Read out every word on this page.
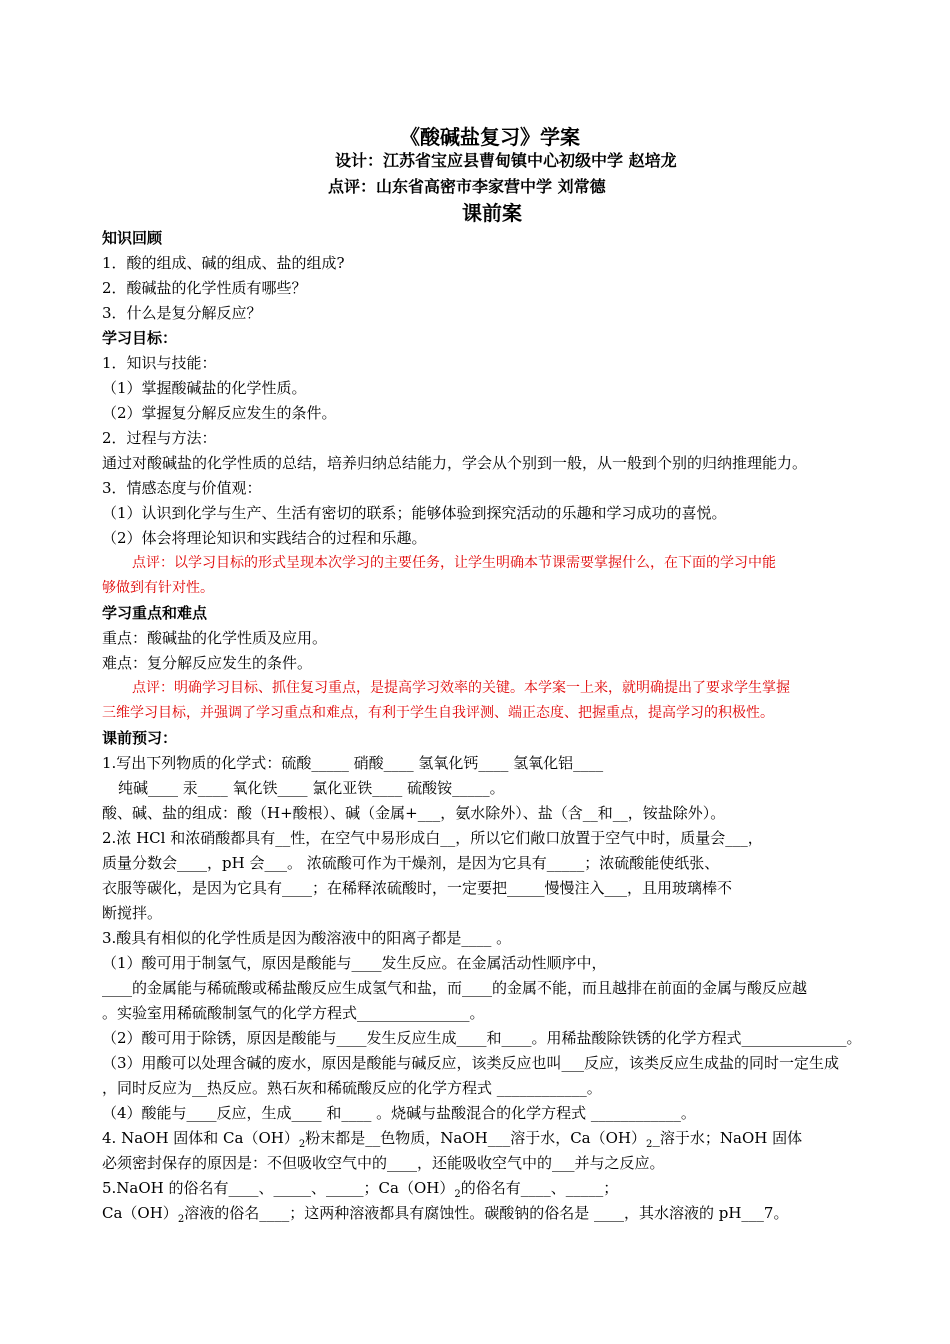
《酸碱盐复习》学案
设计：江苏省宝应县曹甸镇中心初级中学 赵培龙
点评：山东省高密市李家营中学 刘常德
课前案
知识回顾
1．酸的组成、碱的组成、盐的组成?
2．酸碱盐的化学性质有哪些？
3．什么是复分解反应？
学习目标：
1．知识与技能：
（1）掌握酸碱盐的化学性质。
（2）掌握复分解反应发生的条件。
2．过程与方法：
通过对酸碱盐的化学性质的总结，培养归纳总结能力，学会从个别到一般，从一般到个别的归纳推理能力。
3．情感态度与价值观：
（1）认识到化学与生产、生活有密切的联系；能够体验到探究活动的乐趣和学习成功的喜悦。
（2）体会将理论知识和实践结合的过程和乐趣。
点评：以学习目标的形式呈现本次学习的主要任务，让学生明确本节课需要掌握什么，在下面的学习中能
够做到有针对性。
学习重点和难点
重点：酸碱盐的化学性质及应用。
难点：复分解反应发生的条件。
点评：明确学习目标、抓住复习重点，是提高学习效率的关键。本学案一上来，就明确提出了要求学生掌握
三维学习目标，并强调了学习重点和难点，有利于学生自我评测、端正态度、把握重点，提高学习的积极性。
课前预习：
1.写出下列物质的化学式：硫酸_____ 硝酸____ 氢氧化钙____ 氢氧化铝____
纯碱____ 汞____ 氧化铁____ 氯化亚铁____ 硫酸铵_____。
酸、碱、盐的组成：酸（H+酸根）、碱（金属+___，氨水除外）、盐（含__和__，铵盐除外）。
2.浓 HCl 和浓硝酸都具有__性，在空气中易形成白__，所以它们敞口放置于空气中时，质量会___，
质量分数会____，pH 会___。 浓硫酸可作为干燥剂，是因为它具有_____；浓硫酸能使纸张、
衣服等碳化，是因为它具有____；在稀释浓硫酸时，一定要把_____慢慢注入___，且用玻璃棒不
断搅拌。
3.酸具有相似的化学性质是因为酸溶液中的阳离子都是____ 。
（1）酸可用于制氢气，原因是酸能与____发生反应。在金属活动性顺序中，
____的金属能与稀硫酸或稀盐酸反应生成氢气和盐，而____的金属不能，而且越排在前面的金属与酸反应越
。实验室用稀硫酸制氢气的化学方程式_______________。
（2）酸可用于除锈，原因是酸能与____发生反应生成____和____。用稀盐酸除铁锈的化学方程式______________。
（3）用酸可以处理含碱的废水，原因是酸能与碱反应，该类反应也叫___反应，该类反应生成盐的同时一定生成
，同时反应为__热反应。熟石灰和稀硫酸反应的化学方程式 ____________。
（4）酸能与____反应，生成____ 和____ 。烧碱与盐酸混合的化学方程式 ____________。
4. NaOH 固体和 $Ca(OH)_2$粉末都是__色物质，NaOH___溶于水，$Ca(OH)_2\_$溶于水；NaOH 固体
必须密封保存的原因是：不但吸收空气中的____，还能吸收空气中的___并与之反应。
5.NaOH 的俗名有____、_____、_____；$Ca(OH)_2$的俗名有____、_____；
$Ca(OH)_2$溶液的俗名____；这两种溶液都具有腐蚀性。碳酸钠的俗名是 ____，其水溶液的 pH___7。
